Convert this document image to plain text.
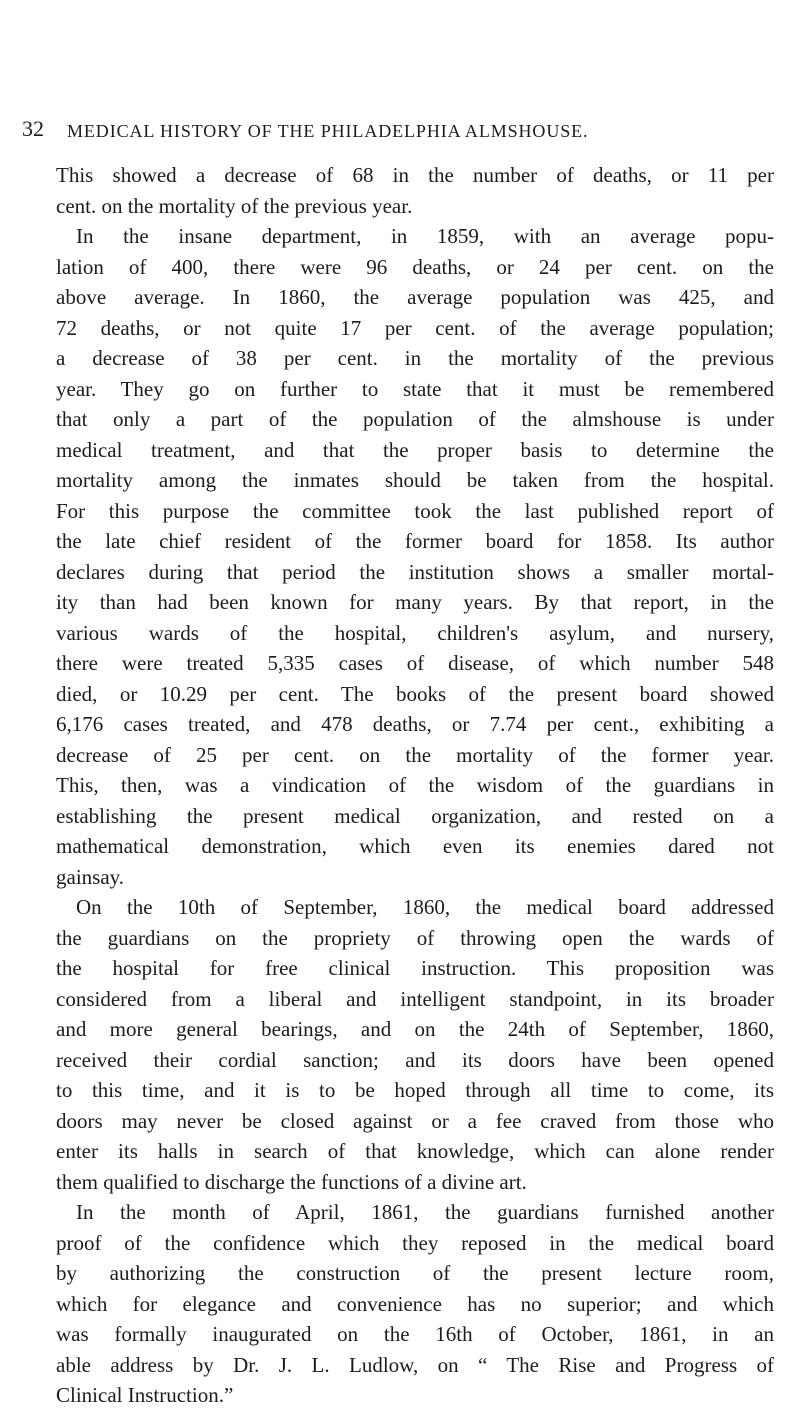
32 MEDICAL HISTORY OF THE PHILADELPHIA ALMSHOUSE.
This showed a decrease of 68 in the number of deaths, or 11 per
cent. on the mortality of the previous year.
In the insane department, in 1859, with an average popu-
lation of 400, there were 96 deaths, or 24 per cent. on the
above average. In 1860, the average population was 425, and
72 deaths, or not quite 17 per cent. of the average population;
a decrease of 38 per cent. in the mortality of the previous
year. They go on further to state that it must be remembered
that only a part of the population of the almshouse is under
medical treatment, and that the proper basis to determine the
mortality among the inmates should be taken from the hospital.
For this purpose the committee took the last published report of
the late chief resident of the former board for 1858. Its author
declares during that period the institution shows a smaller mortal-
ity than had been known for many years. By that report, in the
various wards of the hospital, children's asylum, and nursery,
there were treated 5,335 cases of disease, of which number 548
died, or 10.29 per cent. The books of the present board showed
6,176 cases treated, and 478 deaths, or 7.74 per cent., exhibiting a
decrease of 25 per cent. on the mortality of the former year.
This, then, was a vindication of the wisdom of the guardians in
establishing the present medical organization, and rested on a
mathematical demonstration, which even its enemies dared not
gainsay.
On the 10th of September, 1860, the medical board addressed
the guardians on the propriety of throwing open the wards of
the hospital for free clinical instruction. This proposition was
considered from a liberal and intelligent standpoint, in its broader
and more general bearings, and on the 24th of September, 1860,
received their cordial sanction; and its doors have been opened
to this time, and it is to be hoped through all time to come, its
doors may never be closed against or a fee craved from those who
enter its halls in search of that knowledge, which can alone render
them qualified to discharge the functions of a divine art.
In the month of April, 1861, the guardians furnished another
proof of the confidence which they reposed in the medical board
by authorizing the construction of the present lecture room,
which for elegance and convenience has no superior; and which
was formally inaugurated on the 16th of October, 1861, in an
able address by Dr. J. L. Ludlow, on “ The Rise and Progress of
Clinical Instruction.”
